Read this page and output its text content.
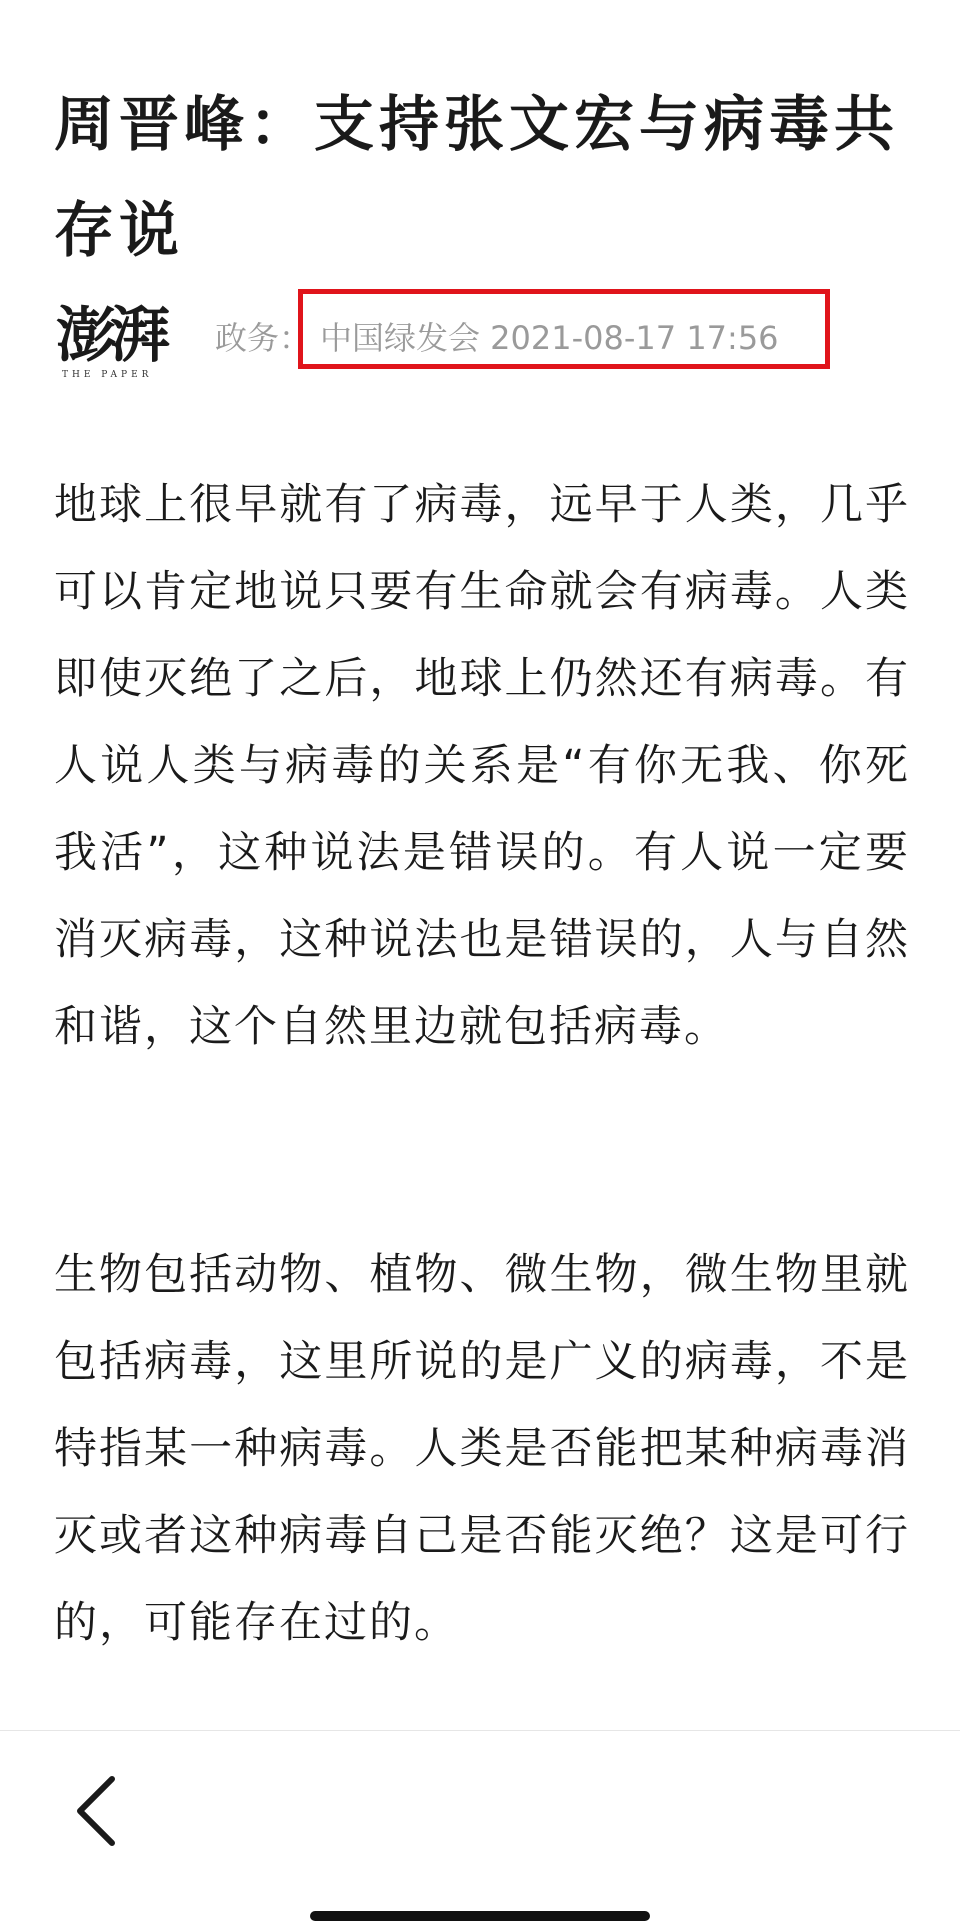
周晋峰：支持张文宏与病毒共存说
澎湃
THE PAPER
政务： 中国绿发会 2021-08-17 17:56

地球上很早就有了病毒，远早于人类，几乎可以肯定地说只要有生命就会有病毒。人类即使灭绝了之后，地球上仍然还有病毒。有人说人类与病毒的关系是“有你无我、你死我活”，这种说法是错误的。有人说一定要消灭病毒，这种说法也是错误的，人与自然和谐，这个自然里边就包括病毒。

生物包括动物、植物、微生物，微生物里就包括病毒，这里所说的是广义的病毒，不是特指某一种病毒。人类是否能把某种病毒消灭或者这种病毒自己是否能灭绝？这是可行的，可能存在过的。
